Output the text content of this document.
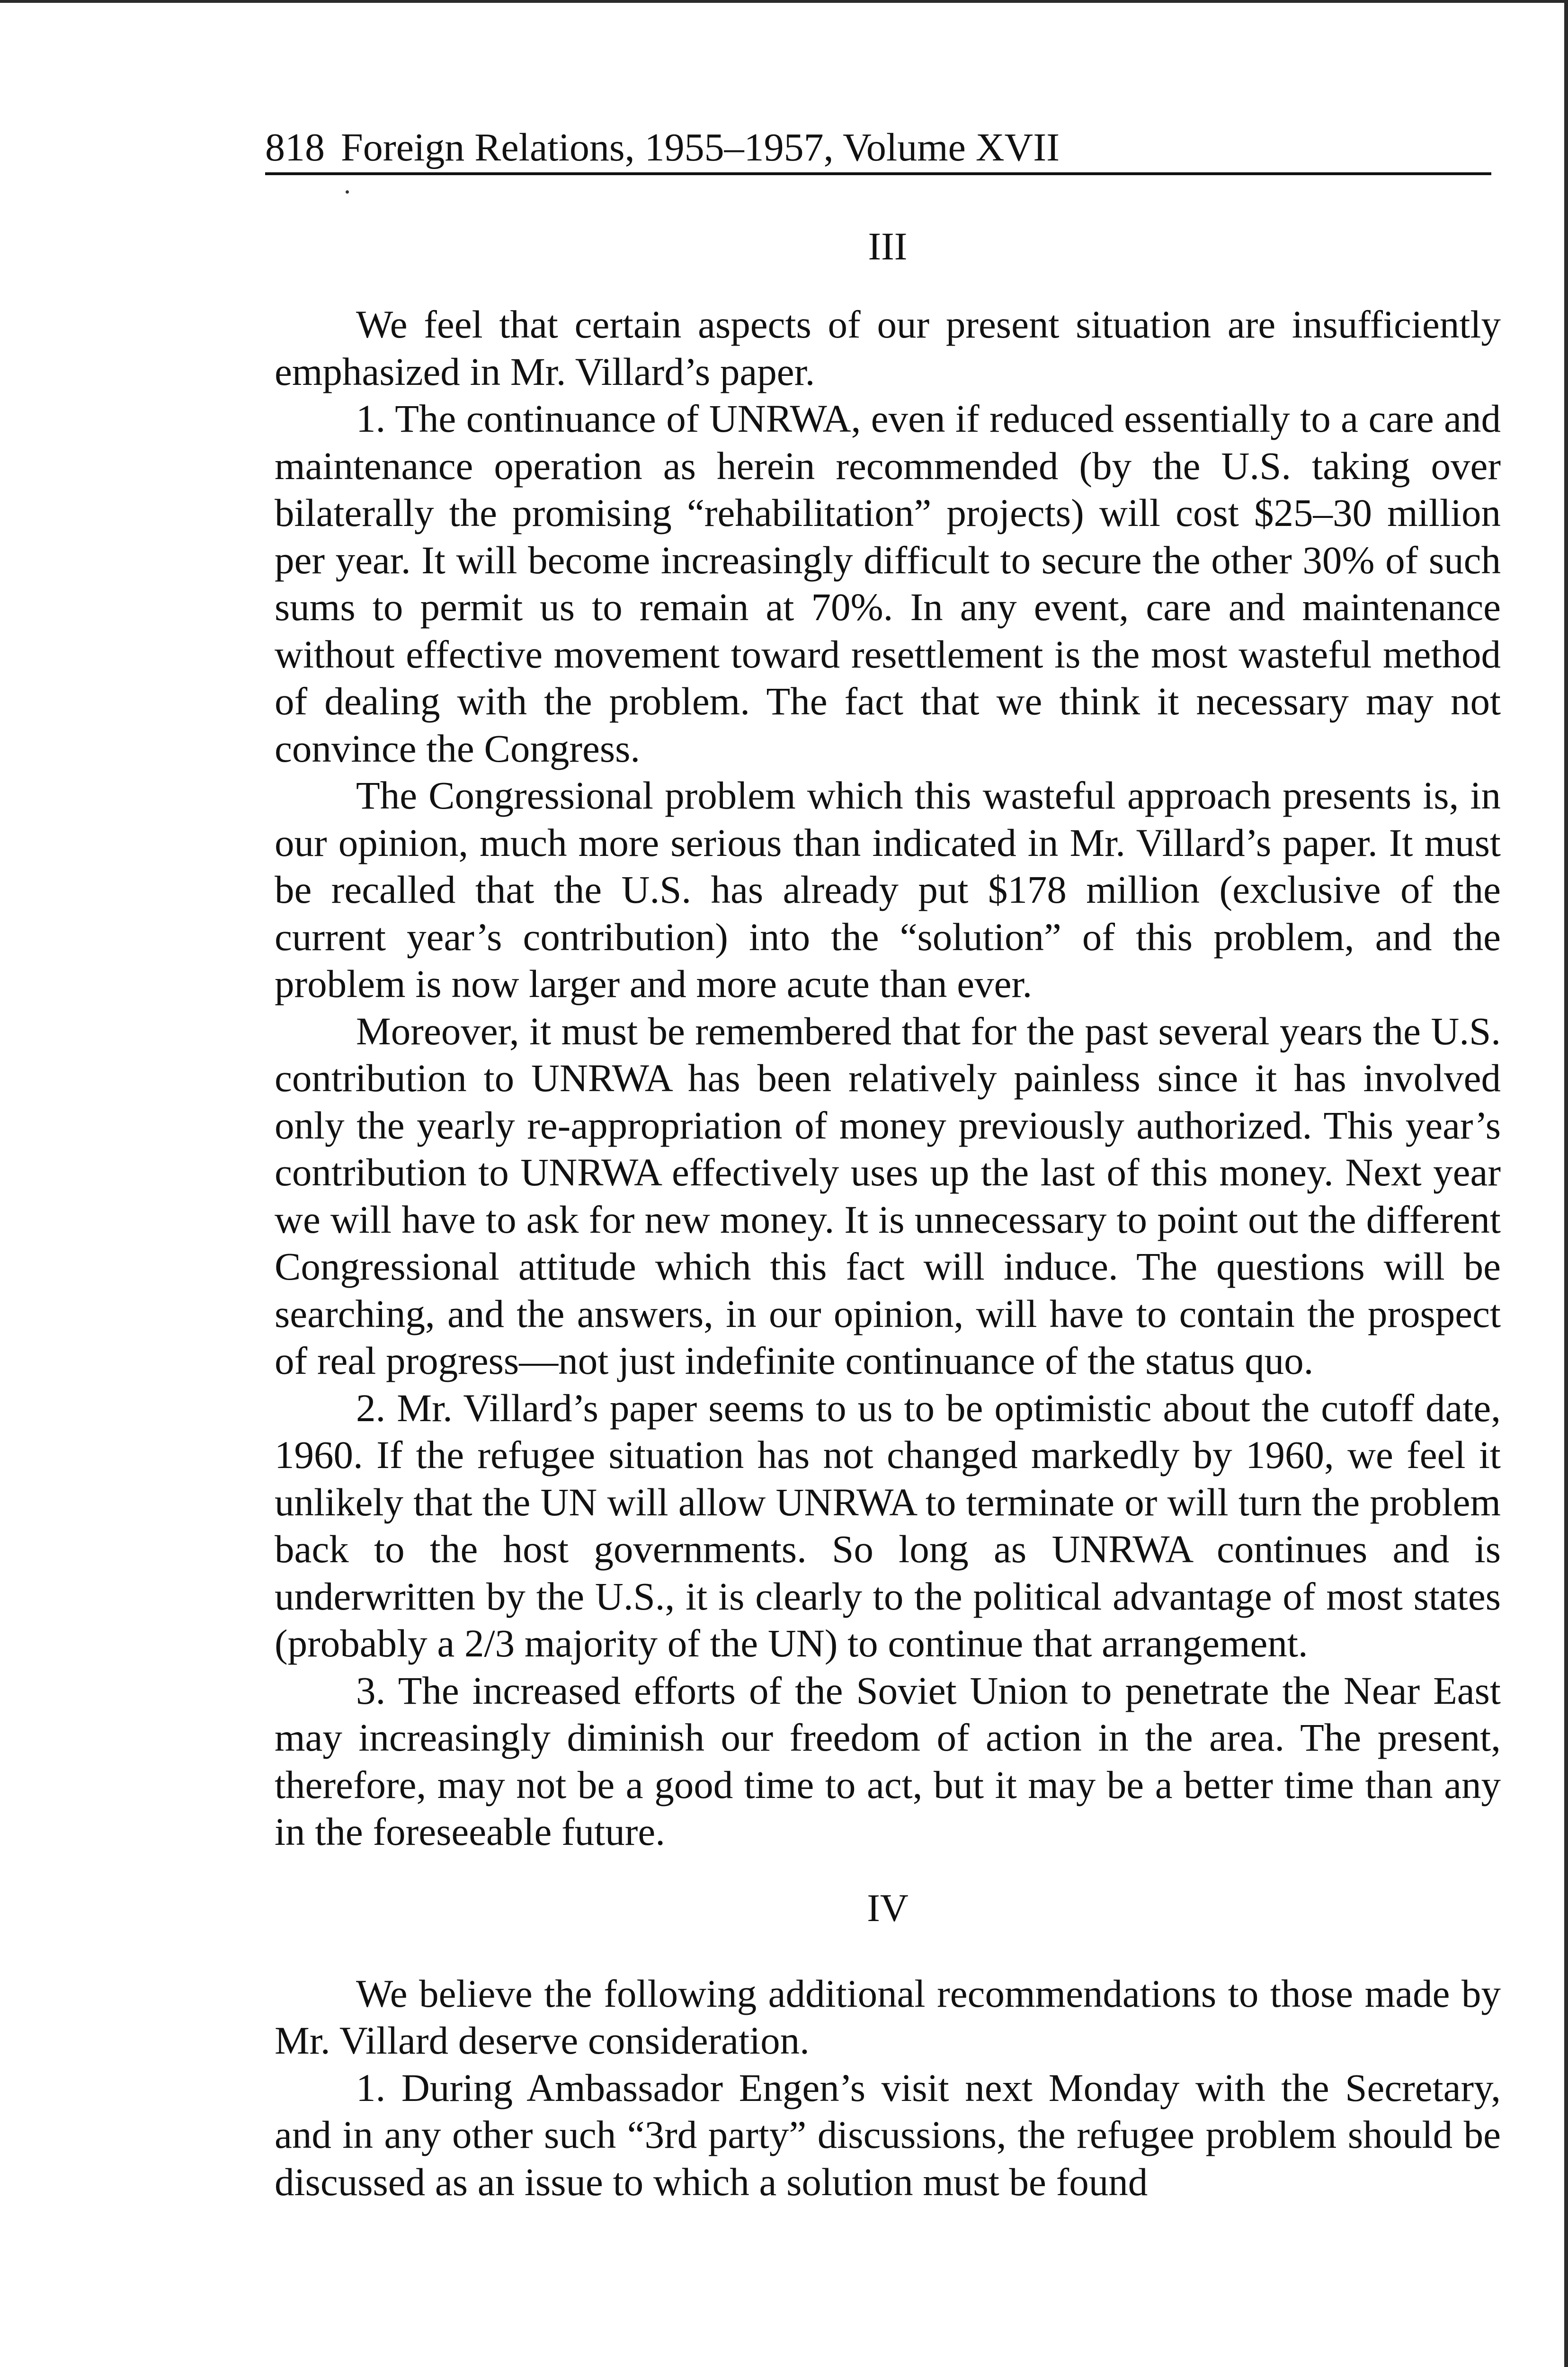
818 Foreign Relations, 1955–1957, Volume XVII
III

We feel that certain aspects of our present situation are insufficiently emphasized in Mr. Villard’s paper.

1. The continuance of UNRWA, even if reduced essentially to a care and maintenance operation as herein recommended (by the U.S. taking over bilaterally the promising “rehabilitation” projects) will cost $25–30 million per year. It will become increasingly difficult to secure the other 30% of such sums to permit us to remain at 70%. In any event, care and maintenance without effective movement toward resettlement is the most wasteful method of dealing with the problem. The fact that we think it necessary may not convince the Congress.

The Congressional problem which this wasteful approach presents is, in our opinion, much more serious than indicated in Mr. Villard’s paper. It must be recalled that the U.S. has already put $178 million (exclusive of the current year’s contribution) into the “solution” of this problem, and the problem is now larger and more acute than ever.

Moreover, it must be remembered that for the past several years the U.S. contribution to UNRWA has been relatively painless since it has involved only the yearly re-appropriation of money previously authorized. This year’s contribution to UNRWA effectively uses up the last of this money. Next year we will have to ask for new money. It is unnecessary to point out the different Congressional attitude which this fact will induce. The questions will be searching, and the answers, in our opinion, will have to contain the prospect of real progress—not just indefinite continuance of the status quo.

2. Mr. Villard’s paper seems to us to be optimistic about the cutoff date, 1960. If the refugee situation has not changed markedly by 1960, we feel it unlikely that the UN will allow UNRWA to terminate or will turn the problem back to the host governments. So long as UNRWA continues and is underwritten by the U.S., it is clearly to the political advantage of most states (probably a 2/3 majority of the UN) to continue that arrangement.

3. The increased efforts of the Soviet Union to penetrate the Near East may increasingly diminish our freedom of action in the area. The present, therefore, may not be a good time to act, but it may be a better time than any in the foreseeable future.

IV

We believe the following additional recommendations to those made by Mr. Villard deserve consideration.

1. During Ambassador Engen’s visit next Monday with the Secretary, and in any other such “3rd party” discussions, the refugee problem should be discussed as an issue to which a solution must be found
